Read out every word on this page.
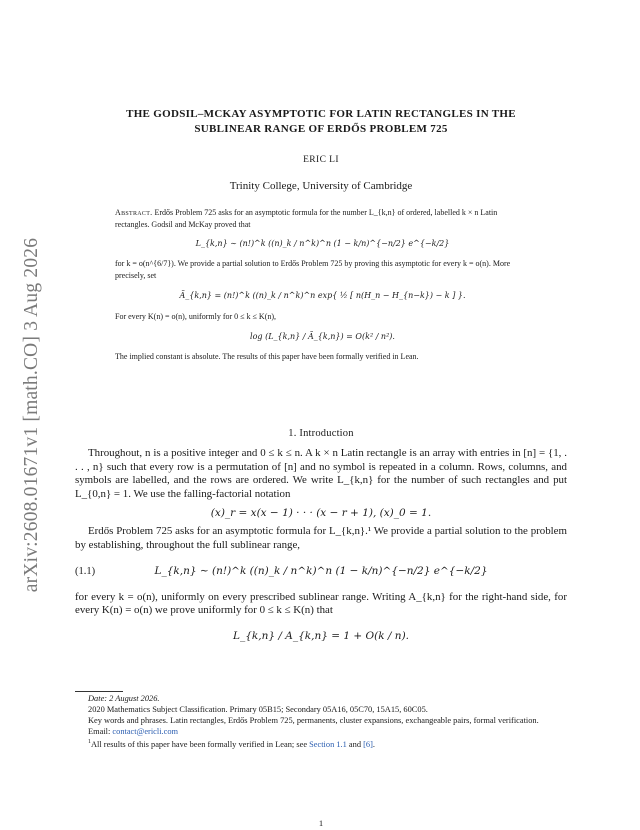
arXiv:2608.01671v1 [math.CO] 3 Aug 2026
THE GODSIL–MCKAY ASYMPTOTIC FOR LATIN RECTANGLES IN THE
SUBLINEAR RANGE OF ERDŐS PROBLEM 725
ERIC LI
Trinity College, University of Cambridge

Abstract. Erdős Problem 725 asks for an asymptotic formula for the number L_{k,n} of ordered, labelled k × n Latin rectangles. Godsil and McKay proved that

L_{k,n} ∼ (n!)^k ((n)_k / n^k)^n (1 − k/n)^{−n/2} e^{−k/2}

for k = o(n^{6/7}). We provide a partial solution to Erdős Problem 725 by proving this asymptotic for every k = o(n). More precisely, set

Ã_{k,n} = (n!)^k ((n)_k / n^k)^n exp{ ½ [ n(H_n − H_{n−k}) − k ] }.

For every K(n) = o(n), uniformly for 0 ≤ k ≤ K(n),

log (L_{k,n} / Ã_{k,n}) = O(k² / n²).

The implied constant is absolute. The results of this paper have been formally verified in Lean.

1. Introduction

Throughout, n is a positive integer and 0 ≤ k ≤ n. A k × n Latin rectangle is an array with entries in [n] = {1, . . . , n} such that every row is a permutation of [n] and no symbol is repeated in a column. Rows, columns, and symbols are labelled, and the rows are ordered. We write L_{k,n} for the number of such rectangles and put L_{0,n} = 1. We use the falling-factorial notation

(x)_r = x(x − 1) · · · (x − r + 1), (x)_0 = 1.

Erdős Problem 725 asks for an asymptotic formula for L_{k,n}.¹ We provide a partial solution to the problem by establishing, throughout the full sublinear range,

(1.1)	L_{k,n} ∼ (n!)^k ((n)_k / n^k)^n (1 − k/n)^{−n/2} e^{−k/2}

for every k = o(n), uniformly on every prescribed sublinear range. Writing A_{k,n} for the right-hand side, for every K(n) = o(n) we prove uniformly for 0 ≤ k ≤ K(n) that

L_{k,n} / A_{k,n} = 1 + O(k / n).

Date: 2 August 2026.

2020 Mathematics Subject Classification. Primary 05B15; Secondary 05A16, 05C70, 15A15, 60C05.

Key words and phrases. Latin rectangles, Erdős Problem 725, permanents, cluster expansions, exchangeable pairs, formal verification.

Email: contact@ericli.com

$^1$All results of this paper have been formally verified in Lean; see Section 1.1 and [6].

1
